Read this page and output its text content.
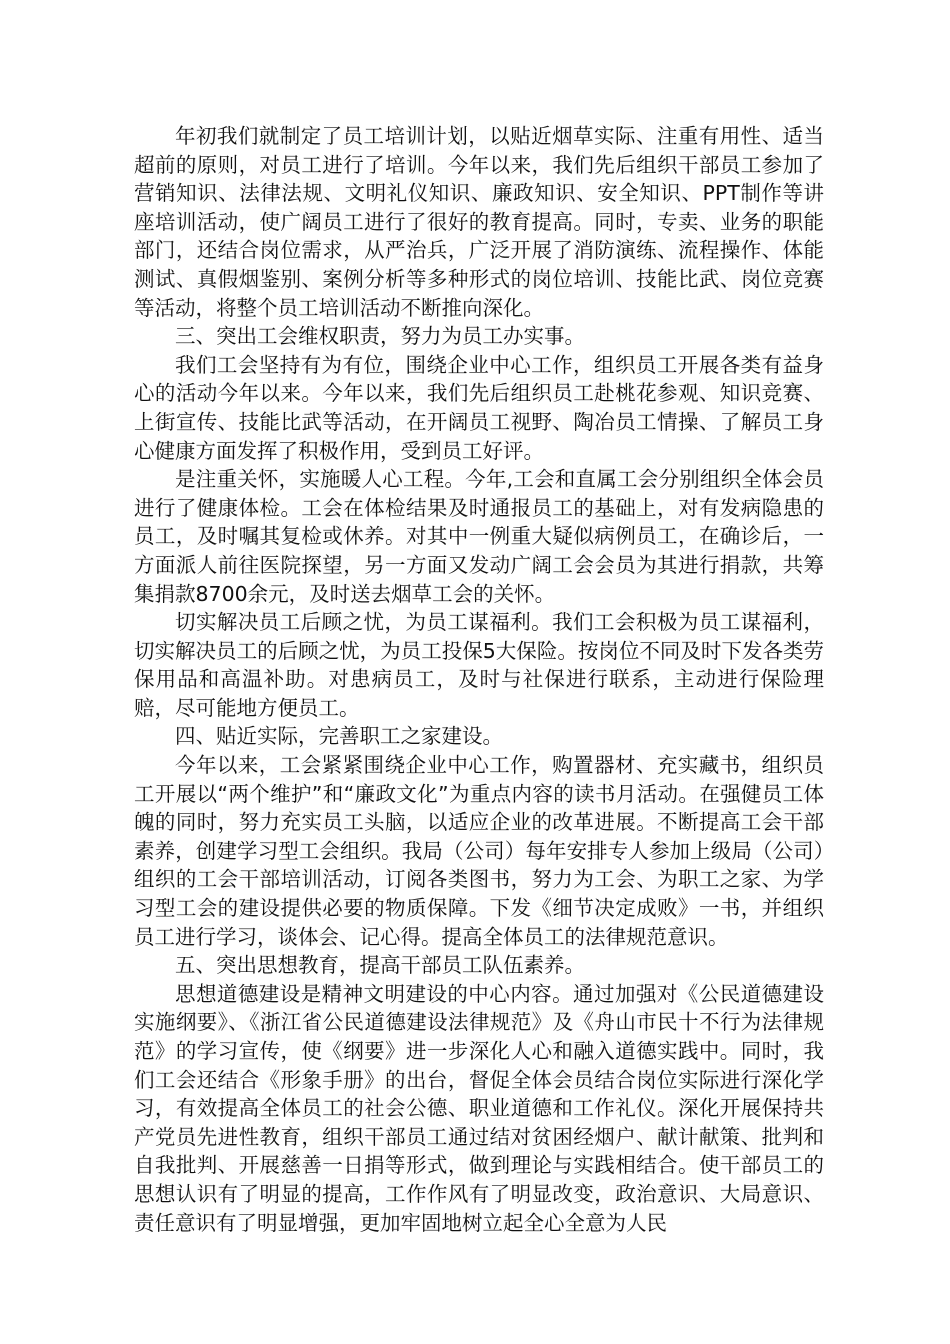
年初我们就制定了员工培训计划，以贴近烟草实际、注重有用性、适当超前的原则，对员工进行了培训。今年以来，我们先后组织干部员工参加了营销知识、法律法规、文明礼仪知识、廉政知识、安全知识、PPT制作等讲座培训活动，使广阔员工进行了很好的教育提高。同时，专卖、业务的职能部门，还结合岗位需求，从严治兵，广泛开展了消防演练、流程操作、体能测试、真假烟鉴别、案例分析等多种形式的岗位培训、技能比武、岗位竞赛等活动，将整个员工培训活动不断推向深化。

三、突出工会维权职责，努力为员工办实事。

我们工会坚持有为有位，围绕企业中心工作，组织员工开展各类有益身心的活动今年以来。今年以来，我们先后组织员工赴桃花参观、知识竞赛、上街宣传、技能比武等活动，在开阔员工视野、陶冶员工情操、了解员工身心健康方面发挥了积极作用，受到员工好评。

是注重关怀，实施暖人心工程。今年,工会和直属工会分别组织全体会员进行了健康体检。工会在体检结果及时通报员工的基础上，对有发病隐患的员工，及时嘱其复检或休养。对其中一例重大疑似病例员工，在确诊后，一方面派人前往医院探望，另一方面又发动广阔工会会员为其进行捐款，共筹集捐款8700余元，及时送去烟草工会的关怀。

切实解决员工后顾之忧，为员工谋福利。我们工会积极为员工谋福利，切实解决员工的后顾之忧，为员工投保5大保险。按岗位不同及时下发各类劳保用品和高温补助。对患病员工，及时与社保进行联系，主动进行保险理赔，尽可能地方便员工。

四、贴近实际，完善职工之家建设。

今年以来，工会紧紧围绕企业中心工作，购置器材、充实藏书，组织员工开展以“两个维护”和“廉政文化”为重点内容的读书月活动。在强健员工体魄的同时，努力充实员工头脑，以适应企业的改革进展。不断提高工会干部素养，创建学习型工会组织。我局（公司）每年安排专人参加上级局（公司）组织的工会干部培训活动，订阅各类图书，努力为工会、为职工之家、为学习型工会的建设提供必要的物质保障。下发《细节决定成败》一书，并组织员工进行学习，谈体会、记心得。提高全体员工的法律规范意识。

五、突出思想教育，提高干部员工队伍素养。

思想道德建设是精神文明建设的中心内容。通过加强对《公民道德建设实施纲要》、《浙江省公民道德建设法律规范》及《舟山市民十不行为法律规范》的学习宣传，使《纲要》进一步深化人心和融入道德实践中。同时，我们工会还结合《形象手册》的出台，督促全体会员结合岗位实际进行深化学习，有效提高全体员工的社会公德、职业道德和工作礼仪。深化开展保持共产党员先进性教育，组织干部员工通过结对贫困经烟户、献计献策、批判和自我批判、开展慈善一日捐等形式，做到理论与实践相结合。使干部员工的思想认识有了明显的提高，工作作风有了明显改变，政治意识、大局意识、责任意识有了明显增强，更加牢固地树立起全心全意为人民
